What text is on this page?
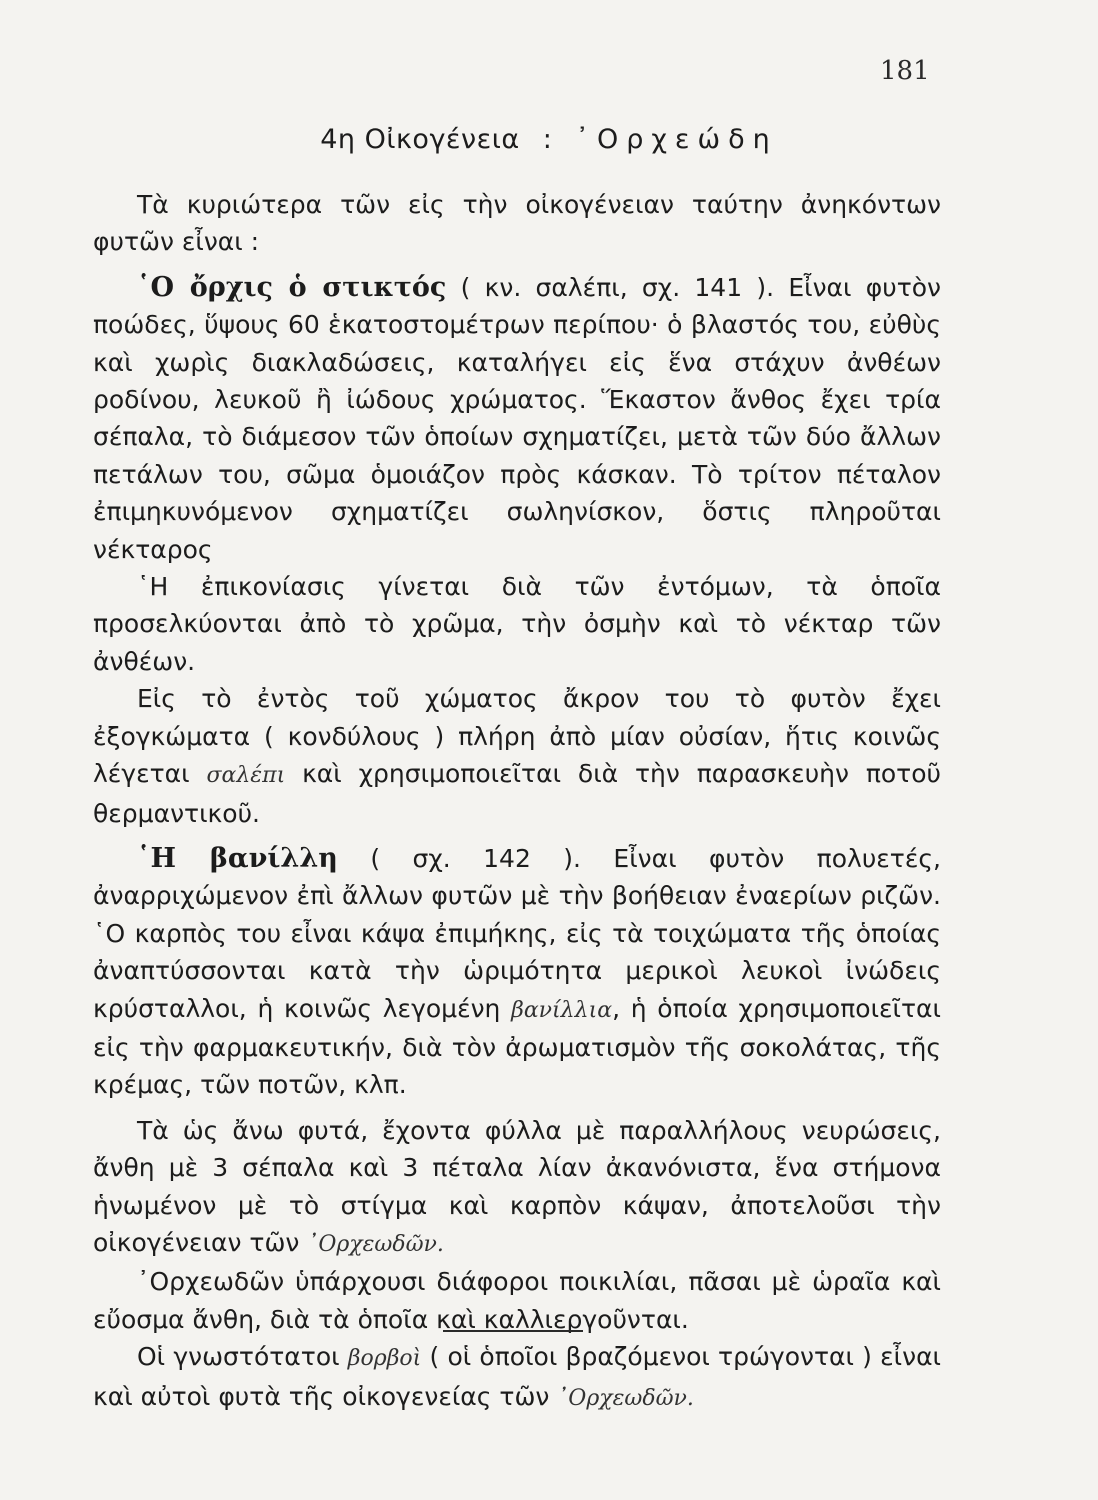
181
4η Οἰκογένεια : ᾿Ορχεώδη

Τὰ κυριώτερα τῶν εἰς τὴν οἰκογένειαν ταύτην ἀνηκόντων φυτῶν εἶναι :

῾Ο ὄρχις ὁ στικτός ( κν. σαλέπι, σχ. 141 ). Εἶναι φυτὸν ποώδες, ὕψους 60 ἑκατοστομέτρων περίπου· ὁ βλαστός του, εὐθὺς καὶ χωρὶς διακλαδώσεις, καταλήγει εἰς ἕνα στάχυν ἀνθέων ροδίνου, λευκοῦ ἢ ἰώδους χρώματος. Ἕκαστον ἄνθος ἔχει τρία σέπαλα, τὸ διάμεσον τῶν ὁποίων σχηματίζει, μετὰ τῶν δύο ἄλλων πετάλων του, σῶμα ὁμοιάζον πρὸς κάσκαν. Τὸ τρίτον πέταλον ἐπιμηκυνόμενον σχηματίζει σωληνίσκον, ὅστις πληροῦται νέκταρος

῾Η ἐπικονίασις γίνεται διὰ τῶν ἐντόμων, τὰ ὁποῖα προσελκύονται ἀπὸ τὸ χρῶμα, τὴν ὀσμὴν καὶ τὸ νέκταρ τῶν ἀνθέων.

Εἰς τὸ ἐντὸς τοῦ χώματος ἄκρον του τὸ φυτὸν ἔχει ἐξογκώματα ( κονδύλους ) πλήρη ἀπὸ μίαν οὐσίαν, ἥτις κοινῶς λέγεται σαλέπι καὶ χρησιμοποιεῖται διὰ τὴν παρασκευὴν ποτοῦ θερμαντικοῦ.

῾Η βανίλλη ( σχ. 142 ). Εἶναι φυτὸν πολυετές, ἀναρριχώμενον ἐπὶ ἄλλων φυτῶν μὲ τὴν βοήθειαν ἐναερίων ριζῶν. ῾Ο καρπὸς του εἶναι κάψα ἐπιμήκης, εἰς τὰ τοιχώματα τῆς ὁποίας ἀναπτύσσονται κατὰ τὴν ὡριμότητα μερικοὶ λευκοὶ ἰνώδεις κρύσταλλοι, ἡ κοινῶς λεγομένη βανίλλια, ἡ ὁποία χρησιμοποιεῖται εἰς τὴν φαρμακευτικήν, διὰ τὸν ἀρωματισμὸν τῆς σοκολάτας, τῆς κρέμας, τῶν ποτῶν, κλπ.

Τὰ ὡς ἄνω φυτά, ἔχοντα φύλλα μὲ παραλλήλους νευρώσεις, ἄνθη μὲ 3 σέπαλα καὶ 3 πέταλα λίαν ἀκανόνιστα, ἕνα στήμονα ἡνωμένον μὲ τὸ στίγμα καὶ καρπὸν κάψαν, ἀποτελοῦσι τὴν οἰκογένειαν τῶν ᾿Ορχεωδῶν.

᾿Ορχεωδῶν ὑπάρχουσι διάφοροι ποικιλίαι, πᾶσαι μὲ ὡραῖα καὶ εὔοσμα ἄνθη, διὰ τὰ ὁποῖα καὶ καλλιεργοῦνται.

Οἱ γνωστότατοι βορβοὶ ( οἱ ὁποῖοι βραζόμενοι τρώγονται ) εἶναι καὶ αὐτοὶ φυτὰ τῆς οἰκογενείας τῶν ᾿Ορχεωδῶν.
